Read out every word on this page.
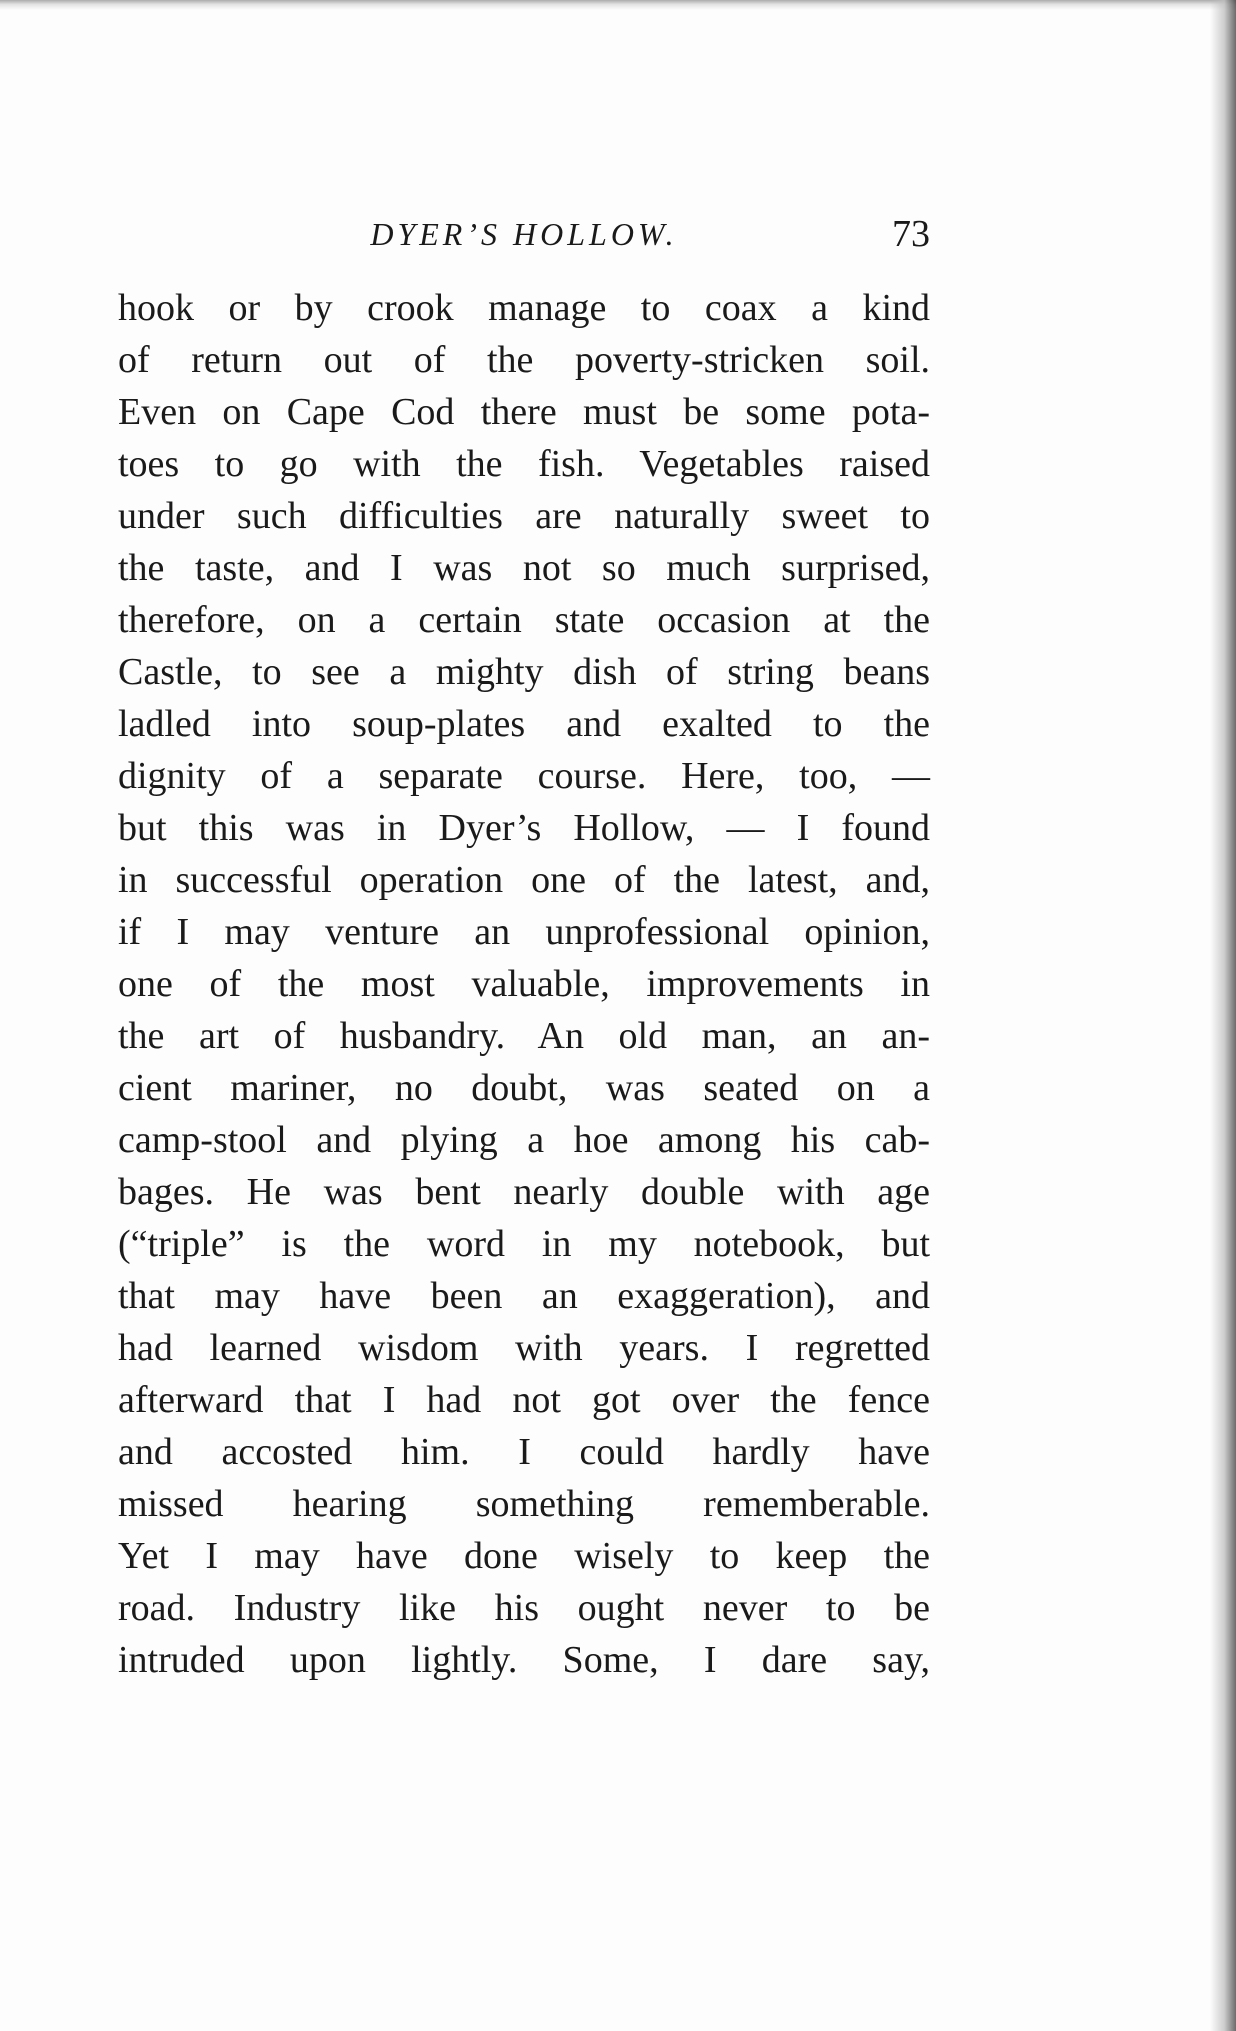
DYER’S HOLLOW.	73
hook or by crook manage to coax a kind
of return out of the poverty-stricken soil.
Even on Cape Cod there must be some pota-
toes to go with the fish. Vegetables raised
under such difficulties are naturally sweet to
the taste, and I was not so much surprised,
therefore, on a certain state occasion at the
Castle, to see a mighty dish of string beans
ladled into soup-plates and exalted to the
dignity of a separate course. Here, too, —
but this was in Dyer’s Hollow, — I found
in successful operation one of the latest, and,
if I may venture an unprofessional opinion,
one of the most valuable, improvements in
the art of husbandry. An old man, an an-
cient mariner, no doubt, was seated on a
camp-stool and plying a hoe among his cab-
bages. He was bent nearly double with age
(“triple” is the word in my notebook, but
that may have been an exaggeration), and
had learned wisdom with years. I regretted
afterward that I had not got over the fence
and accosted him. I could hardly have
missed hearing something rememberable.
Yet I may have done wisely to keep the
road. Industry like his ought never to be
intruded upon lightly. Some, I dare say,
